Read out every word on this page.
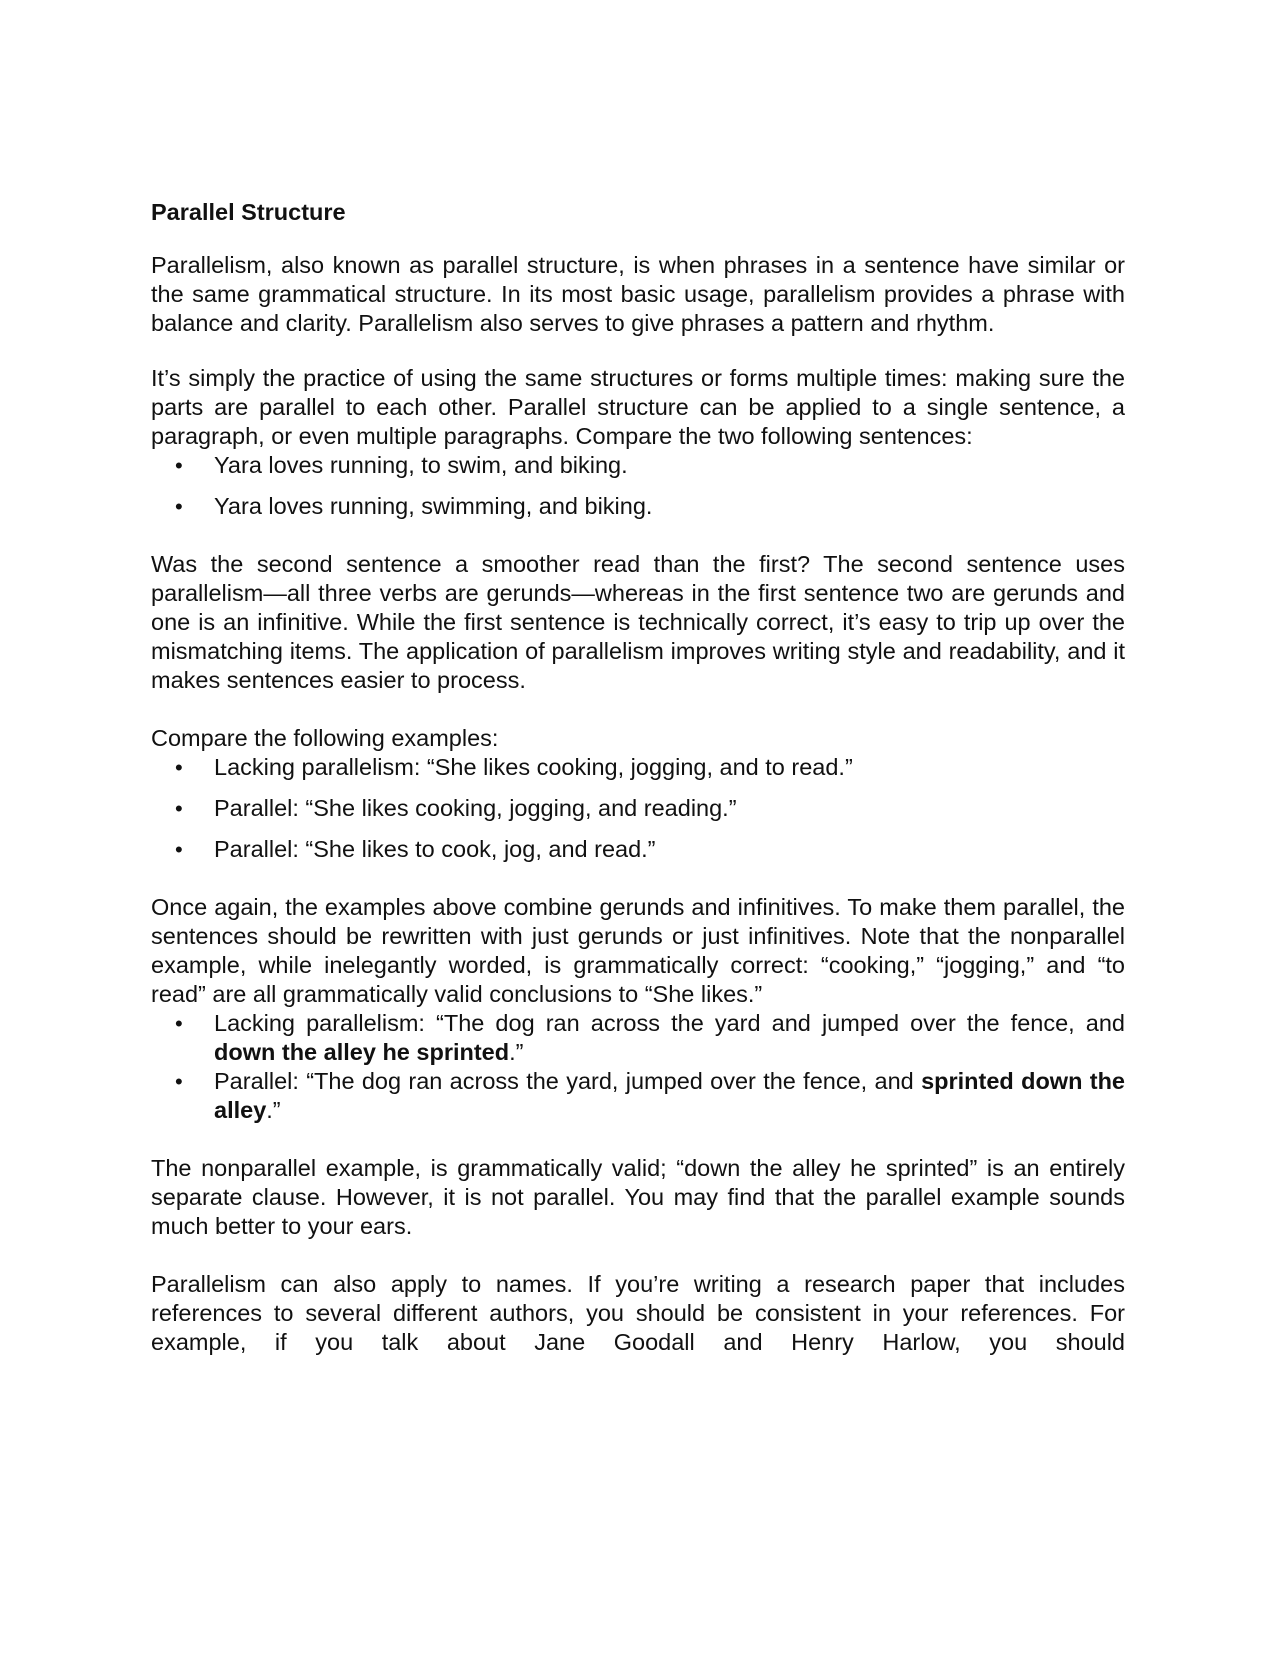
Parallel Structure

Parallelism, also known as parallel structure, is when phrases in a sentence have similar or the same grammatical structure. In its most basic usage, parallelism provides a phrase with balance and clarity. Parallelism also serves to give phrases a pattern and rhythm.

It’s simply the practice of using the same structures or forms multiple times: making sure the parts are parallel to each other. Parallel structure can be applied to a single sentence, a paragraph, or even multiple paragraphs. Compare the two following sentences:

• Yara loves running, to swim, and biking.
• Yara loves running, swimming, and biking.

Was the second sentence a smoother read than the first? The second sentence uses parallelism—all three verbs are gerunds—whereas in the first sentence two are gerunds and one is an infinitive. While the first sentence is technically correct, it’s easy to trip up over the mismatching items. The application of parallelism improves writing style and readability, and it makes sentences easier to process.

Compare the following examples:

• Lacking parallelism: “She likes cooking, jogging, and to read.”
• Parallel: “She likes cooking, jogging, and reading.”
• Parallel: “She likes to cook, jog, and read.”

Once again, the examples above combine gerunds and infinitives. To make them parallel, the sentences should be rewritten with just gerunds or just infinitives. Note that the nonparallel example, while inelegantly worded, is grammatically correct: “cooking,” “jogging,” and “to read” are all grammatically valid conclusions to “She likes.”

• Lacking parallelism: “The dog ran across the yard and jumped over the fence, and down the alley he sprinted.”
• Parallel: “The dog ran across the yard, jumped over the fence, and sprinted down the alley.”

The nonparallel example, is grammatically valid; “down the alley he sprinted” is an entirely separate clause. However, it is not parallel. You may find that the parallel example sounds much better to your ears.

Parallelism can also apply to names. If you’re writing a research paper that includes references to several different authors, you should be consistent in your references. For example, if you talk about Jane Goodall and Henry Harlow, you should
